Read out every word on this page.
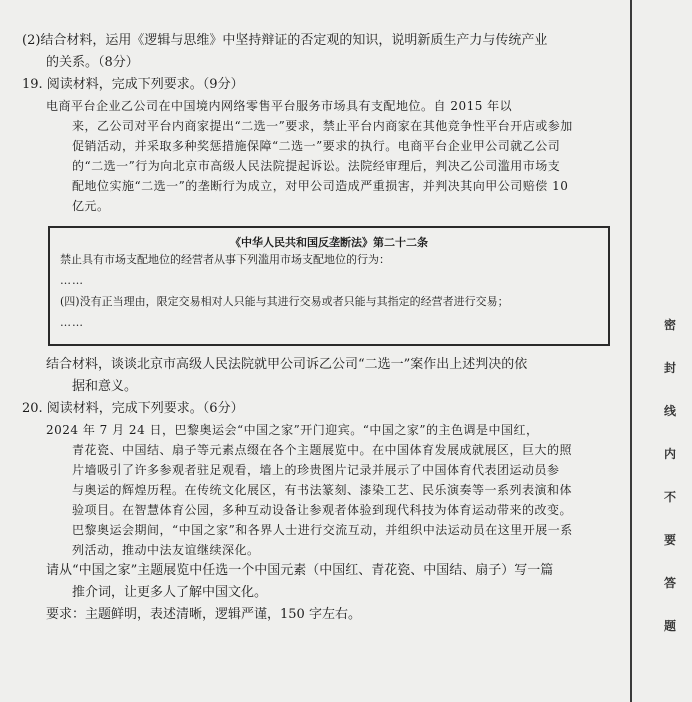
(2)结合材料，运用《逻辑与思维》中坚持辩证的否定观的知识，说明新质生产力与传统产业
的关系。（8分）
19. 阅读材料，完成下列要求。（9分）
电商平台企业乙公司在中国境内网络零售平台服务市场具有支配地位。自 2015 年以
来，乙公司对平台内商家提出“二选一”要求，禁止平台内商家在其他竞争性平台开店或参加
促销活动，并采取多种奖惩措施保障“二选一”要求的执行。电商平台企业甲公司就乙公司
的“二选一”行为向北京市高级人民法院提起诉讼。法院经审理后，判决乙公司滥用市场支
配地位实施“二选一”的垄断行为成立，对甲公司造成严重损害，并判决其向甲公司赔偿 10
亿元。
《中华人民共和国反垄断法》第二十二条
禁止具有市场支配地位的经营者从事下列滥用市场支配地位的行为：
……
(四)没有正当理由，限定交易相对人只能与其进行交易或者只能与其指定的经营者进行交易；
……
结合材料，谈谈北京市高级人民法院就甲公司诉乙公司“二选一”案作出上述判决的依
据和意义。
20. 阅读材料，完成下列要求。（6分）
2024 年 7 月 24 日，巴黎奥运会“中国之家”开门迎宾。“中国之家”的主色调是中国红，
青花瓷、中国结、扇子等元素点缀在各个主题展览中。在中国体育发展成就展区，巨大的照
片墙吸引了许多参观者驻足观看，墙上的珍贵图片记录并展示了中国体育代表团运动员参
与奥运的辉煌历程。在传统文化展区，有书法篆刻、漆染工艺、民乐演奏等一系列表演和体
验项目。在智慧体育公园，多种互动设备让参观者体验到现代科技为体育运动带来的改变。
巴黎奥运会期间，“中国之家”和各界人士进行交流互动，并组织中法运动员在这里开展一系
列活动，推动中法友谊继续深化。
请从“中国之家”主题展览中任选一个中国元素（中国红、青花瓷、中国结、扇子）写一篇
推介词，让更多人了解中国文化。
要求：主题鲜明，表述清晰，逻辑严谨，150 字左右。
密
封
线
内
不
要
答
题
